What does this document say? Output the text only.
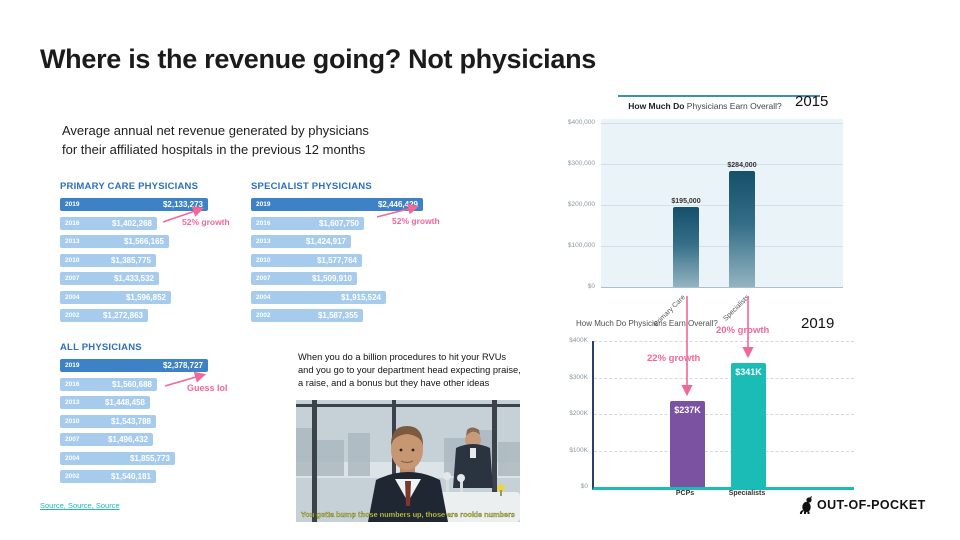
Where is the revenue going? Not physicians
Average annual net revenue generated by physicians
for their affiliated hospitals in the previous 12 months
PRIMARY CARE PHYSICIANS
2019	$2,133,273
2016	$1,402,268
2013	$1,566,165
2010	$1,385,775
2007	$1,433,532
2004	$1,596,852
2002	$1,272,863
SPECIALIST PHYSICIANS
2019	$2,446,429
2016	$1,607,750
2013	$1,424,917
2010	$1,577,764
2007	$1,509,910
2004	$1,915,524
2002	$1,587,355
ALL PHYSICIANS
2019	$2,378,727
2016	$1,560,688
2013	$1,448,458
2010	$1,543,788
2007	$1,496,432
2004	$1,855,773
2002	$1,540,181
52% growth	52% growth
Guess lol
When you do a billion procedures to hit your RVUs and you go to your department head expecting praise, a raise, and a bonus but they have other ideas
You gotta bump those numbers up, those are rookie numbers
How Much Do Physicians Earn Overall? 2015
$400,000
$300,000
$200,000
$100,000
$0
$195,000
$284,000
Primary Care	Specialists
How Much Do Physicians Earn Overall?	2019
$400K
$300K
$200K
$100K
$0
$237K
$341K
PCPs	Specialists
22% growth
20% growth
Source , Source , Source	OUT-OF-POCKET
